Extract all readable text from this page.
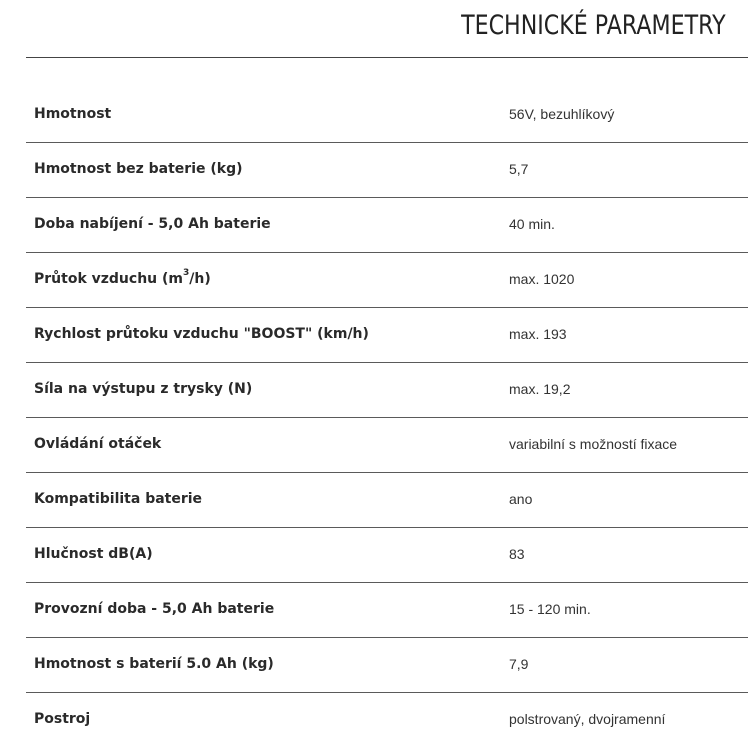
TECHNICKÉ PARAMETRY
Hmotnost	56V, bezuhlíkový
Hmotnost bez baterie (kg)	5,7
Doba nabíjení - 5,0 Ah baterie	40 min.
Průtok vzduchu $(m^3/h)$	max. 1020
Rychlost průtoku vzduchu "BOOST" (km/h)	max. 193
Síla na výstupu z trysky (N)	max. 19,2
Ovládání otáček	variabilní s možností fixace
Kompatibilita baterie	ano
Hlučnost dB(A)	83
Provozní doba - 5,0 Ah baterie	15 - 120 min.
Hmotnost s baterií 5.0 Ah (kg)	7,9
Postroj	polstrovaný, dvojramenní
